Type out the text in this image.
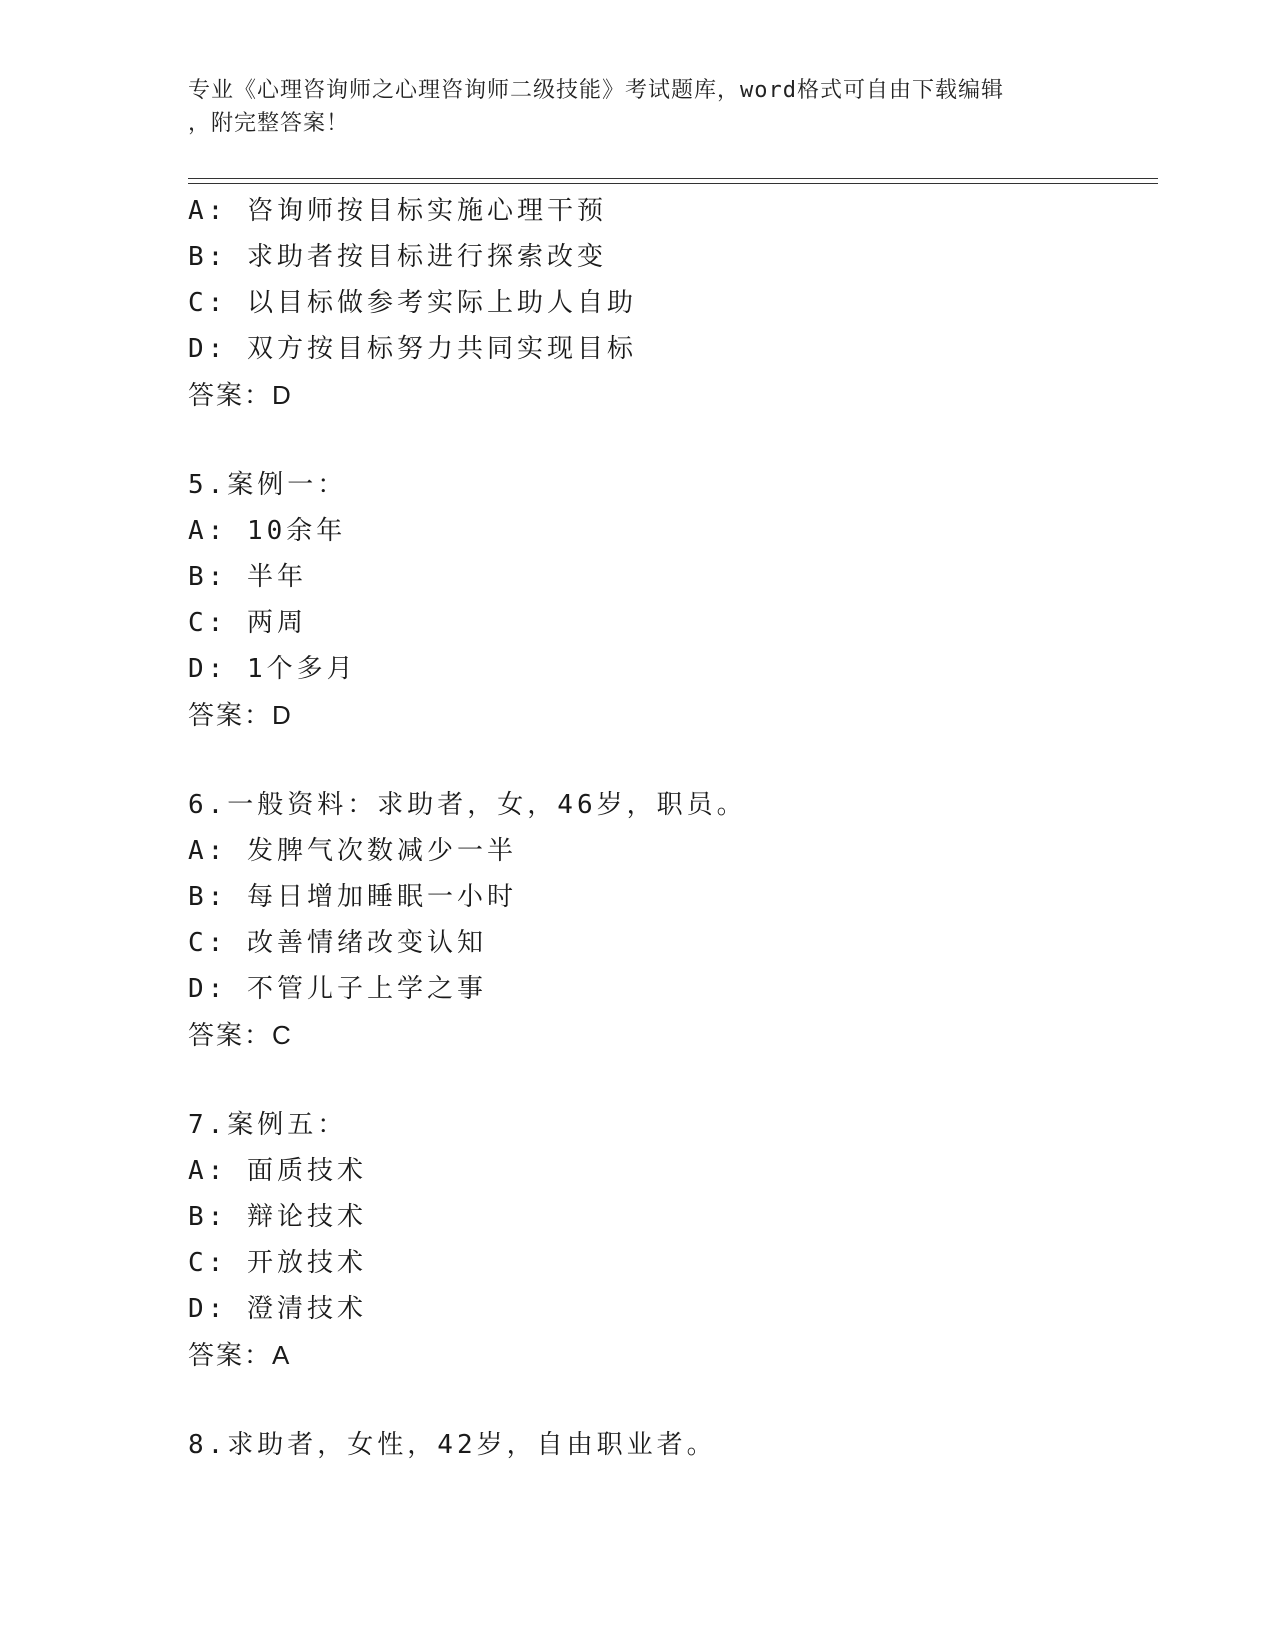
专业《心理咨询师之心理咨询师二级技能》考试题库，word格式可自由下载编辑
，附完整答案！
A: 咨询师按目标实施心理干预
B: 求助者按目标进行探索改变
C: 以目标做参考实际上助人自助
D: 双方按目标努力共同实现目标
答案：D
5.案例一：
A: 10余年
B: 半年
C: 两周
D: 1个多月
答案：D
6.一般资料：求助者，女，46岁，职员。
A: 发脾气次数减少一半
B: 每日增加睡眠一小时
C: 改善情绪改变认知
D: 不管儿子上学之事
答案：C
7.案例五：
A: 面质技术
B: 辩论技术
C: 开放技术
D: 澄清技术
答案：A
8.求助者，女性，42岁，自由职业者。
